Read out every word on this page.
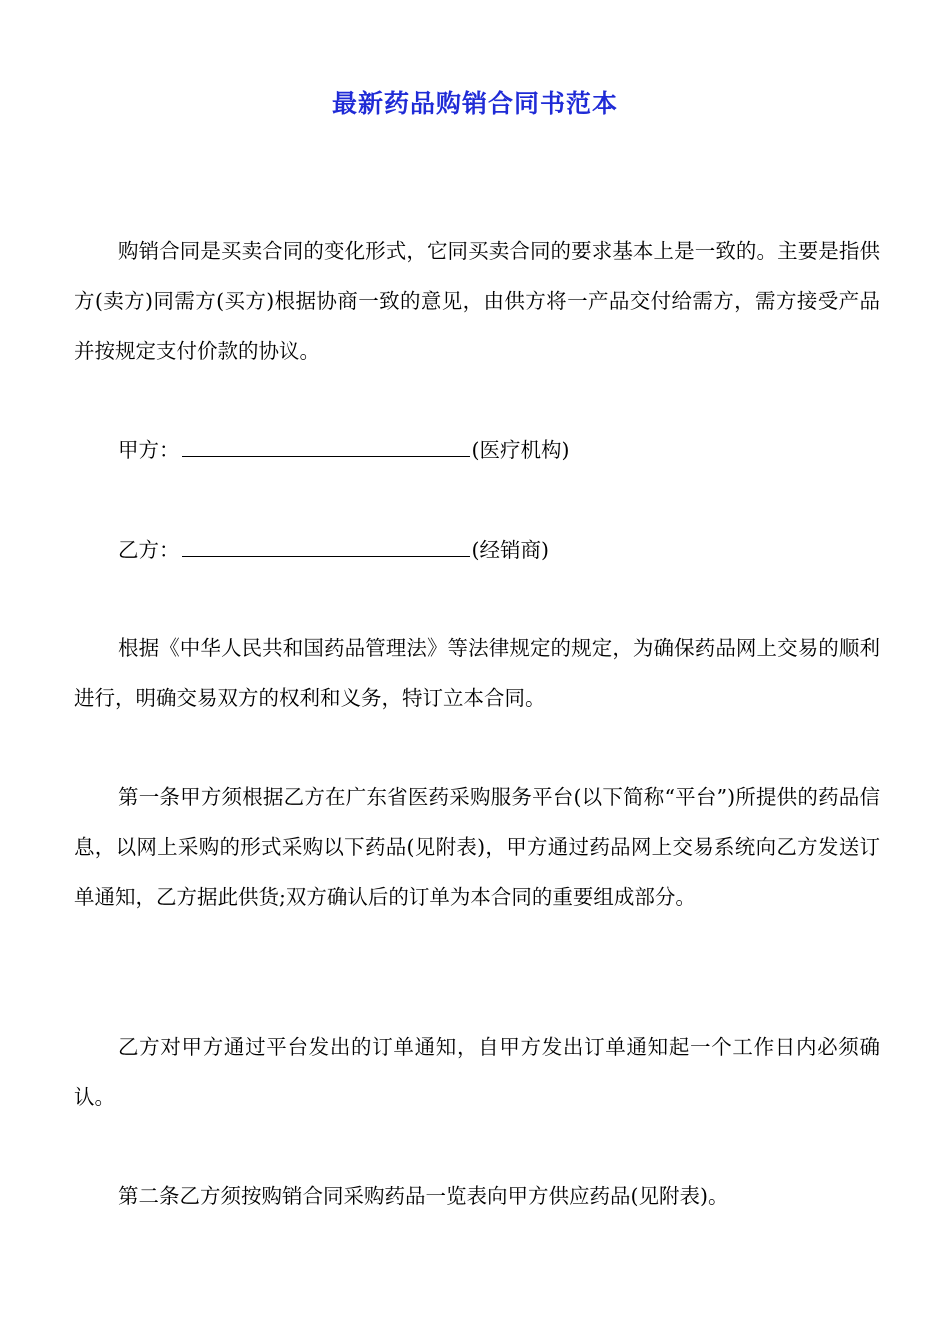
最新药品购销合同书范本

购销合同是买卖合同的变化形式，它同买卖合同的要求基本上是一致的。主要是指供方(卖方)同需方(买方)根据协商一致的意见，由供方将一产品交付给需方，需方接受产品并按规定支付价款的协议。

甲方：	(医疗机构)
乙方：	(经销商)

根据《中华人民共和国药品管理法》等法律规定的规定，为确保药品网上交易的顺利进行，明确交易双方的权利和义务，特订立本合同。

第一条甲方须根据乙方在广东省医药采购服务平台(以下简称“平台”)所提供的药品信息，以网上采购的形式采购以下药品(见附表)，甲方通过药品网上交易系统向乙方发送订单通知，乙方据此供货;双方确认后的订单为本合同的重要组成部分。

乙方对甲方通过平台发出的订单通知，自甲方发出订单通知起一个工作日内必须确认。

第二条乙方须按购销合同采购药品一览表向甲方供应药品(见附表)。
